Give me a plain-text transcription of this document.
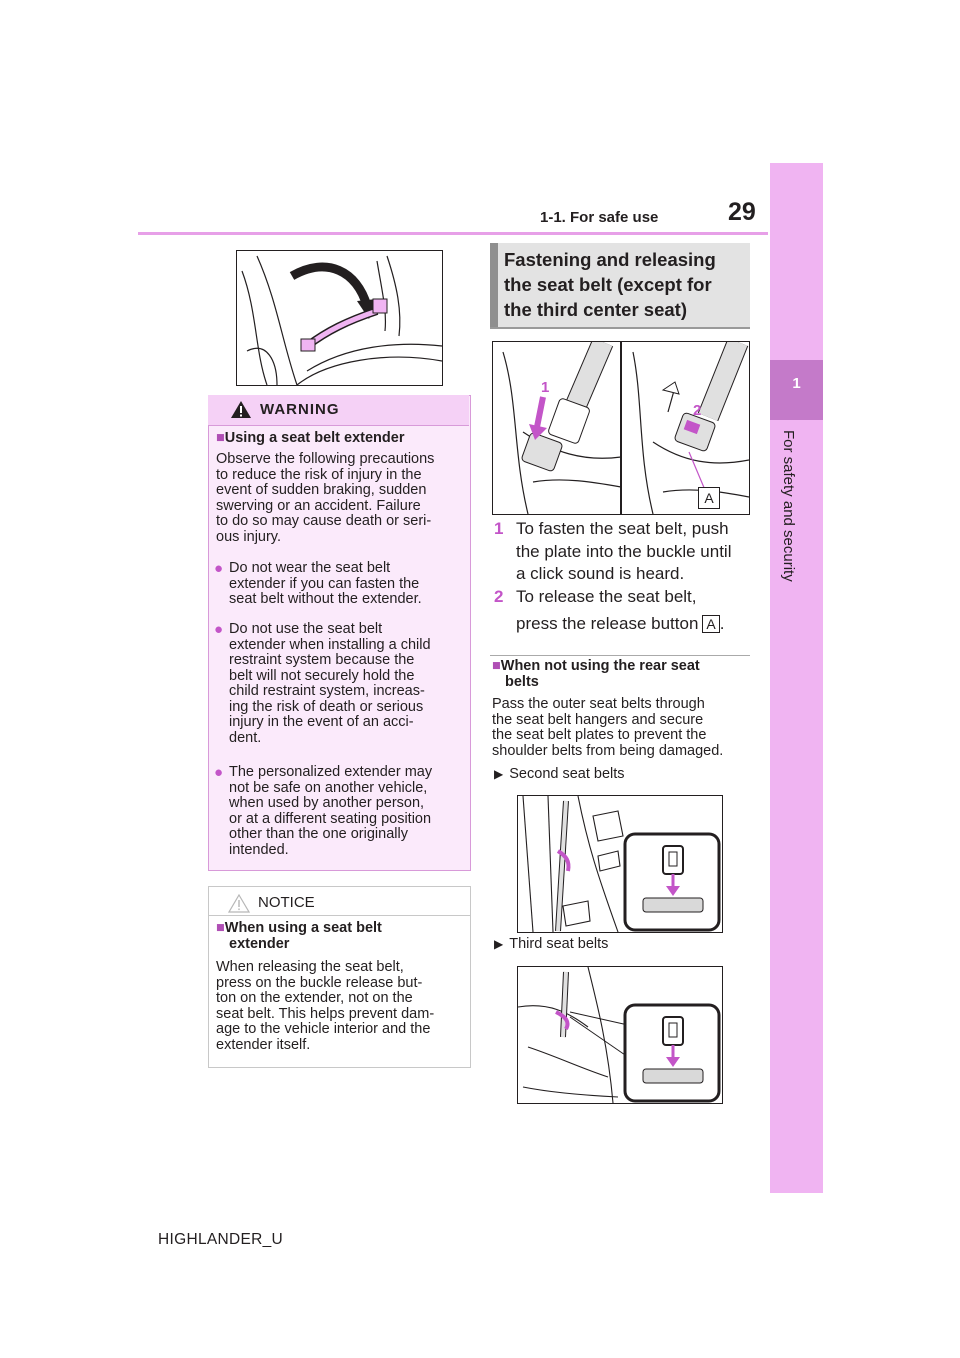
1-1. For safe use	29
1
For safety and security
WARNING
■Using a seat belt extender
Observe the following precautions
to reduce the risk of injury in the
event of sudden braking, sudden
swerving or an accident. Failure
to do so may cause death or seri-
ous injury.
● Do not wear the seat belt
extender if you can fasten the
seat belt without the extender.
● Do not use the seat belt
extender when installing a child
restraint system because the
belt will not securely hold the
child restraint system, increas-
ing the risk of death or serious
injury in the event of an acci-
dent.
● The personalized extender may
not be safe on another vehicle,
when used by another person,
or at a different seating position
other than the one originally
intended.
NOTICE
■When using a seat belt
extender
When releasing the seat belt,
press on the buckle release but-
ton on the extender, not on the
seat belt. This helps prevent dam-
age to the vehicle interior and the
extender itself.
Fastening and releasing
the seat belt (except for
the third center seat)
1
2
A
1 To fasten the seat belt, push
the plate into the buckle until
a click sound is heard.
2 To release the seat belt,
press the release button A .
■When not using the rear seat
belts
Pass the outer seat belts through
the seat belt hangers and secure
the seat belt plates to prevent the
shoulder belts from being damaged.
▶ Second seat belts
▶ Third seat belts
HIGHLANDER_U
